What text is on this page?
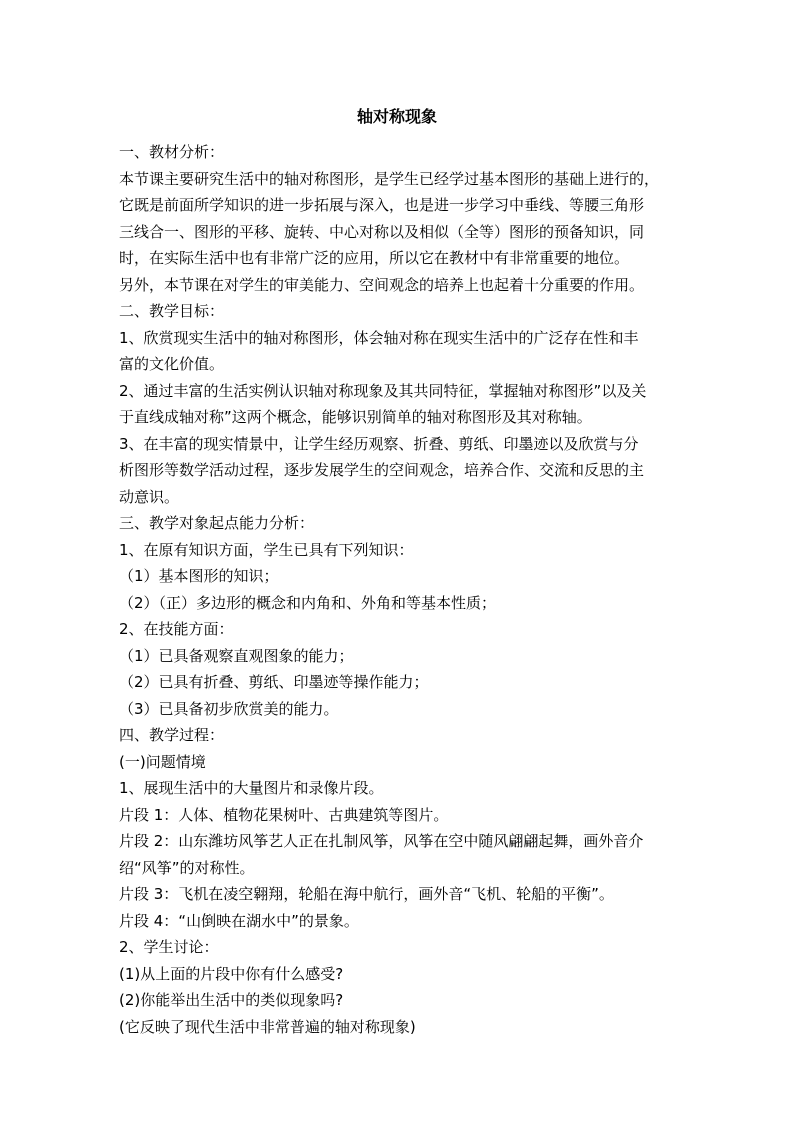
轴对称现象
一、教材分析：
本节课主要研究生活中的轴对称图形，是学生已经学过基本图形的基础上进行的，
它既是前面所学知识的进一步拓展与深入，也是进一步学习中垂线、等腰三角形
三线合一、图形的平移、旋转、中心对称以及相似（全等）图形的预备知识，同
时，在实际生活中也有非常广泛的应用，所以它在教材中有非常重要的地位。
另外，本节课在对学生的审美能力、空间观念的培养上也起着十分重要的作用。
二、教学目标：
1、欣赏现实生活中的轴对称图形，体会轴对称在现实生活中的广泛存在性和丰
富的文化价值。
2、通过丰富的生活实例认识轴对称现象及其共同特征，掌握轴对称图形”以及关
于直线成轴对称”这两个概念，能够识别简单的轴对称图形及其对称轴。
3、在丰富的现实情景中，让学生经历观察、折叠、剪纸、印墨迹以及欣赏与分
析图形等数学活动过程，逐步发展学生的空间观念，培养合作、交流和反思的主
动意识。
三、教学对象起点能力分析：
1、在原有知识方面，学生已具有下列知识：
（1）基本图形的知识；
（2）（正）多边形的概念和内角和、外角和等基本性质；
2、在技能方面：
（1）已具备观察直观图象的能力；
（2）已具有折叠、剪纸、印墨迹等操作能力；
（3）已具备初步欣赏美的能力。
四、教学过程：
(一)问题情境
1、展现生活中的大量图片和录像片段。
片段 1：人体、植物花果树叶、古典建筑等图片。
片段 2：山东潍坊风筝艺人正在扎制风筝，风筝在空中随风翩翩起舞，画外音介
绍“风筝”的对称性。
片段 3：飞机在凌空翱翔，轮船在海中航行，画外音“飞机、轮船的平衡”。
片段 4：“山倒映在湖水中”的景象。
2、学生讨论：
(1)从上面的片段中你有什么感受?
(2)你能举出生活中的类似现象吗?
(它反映了现代生活中非常普遍的轴对称现象)
